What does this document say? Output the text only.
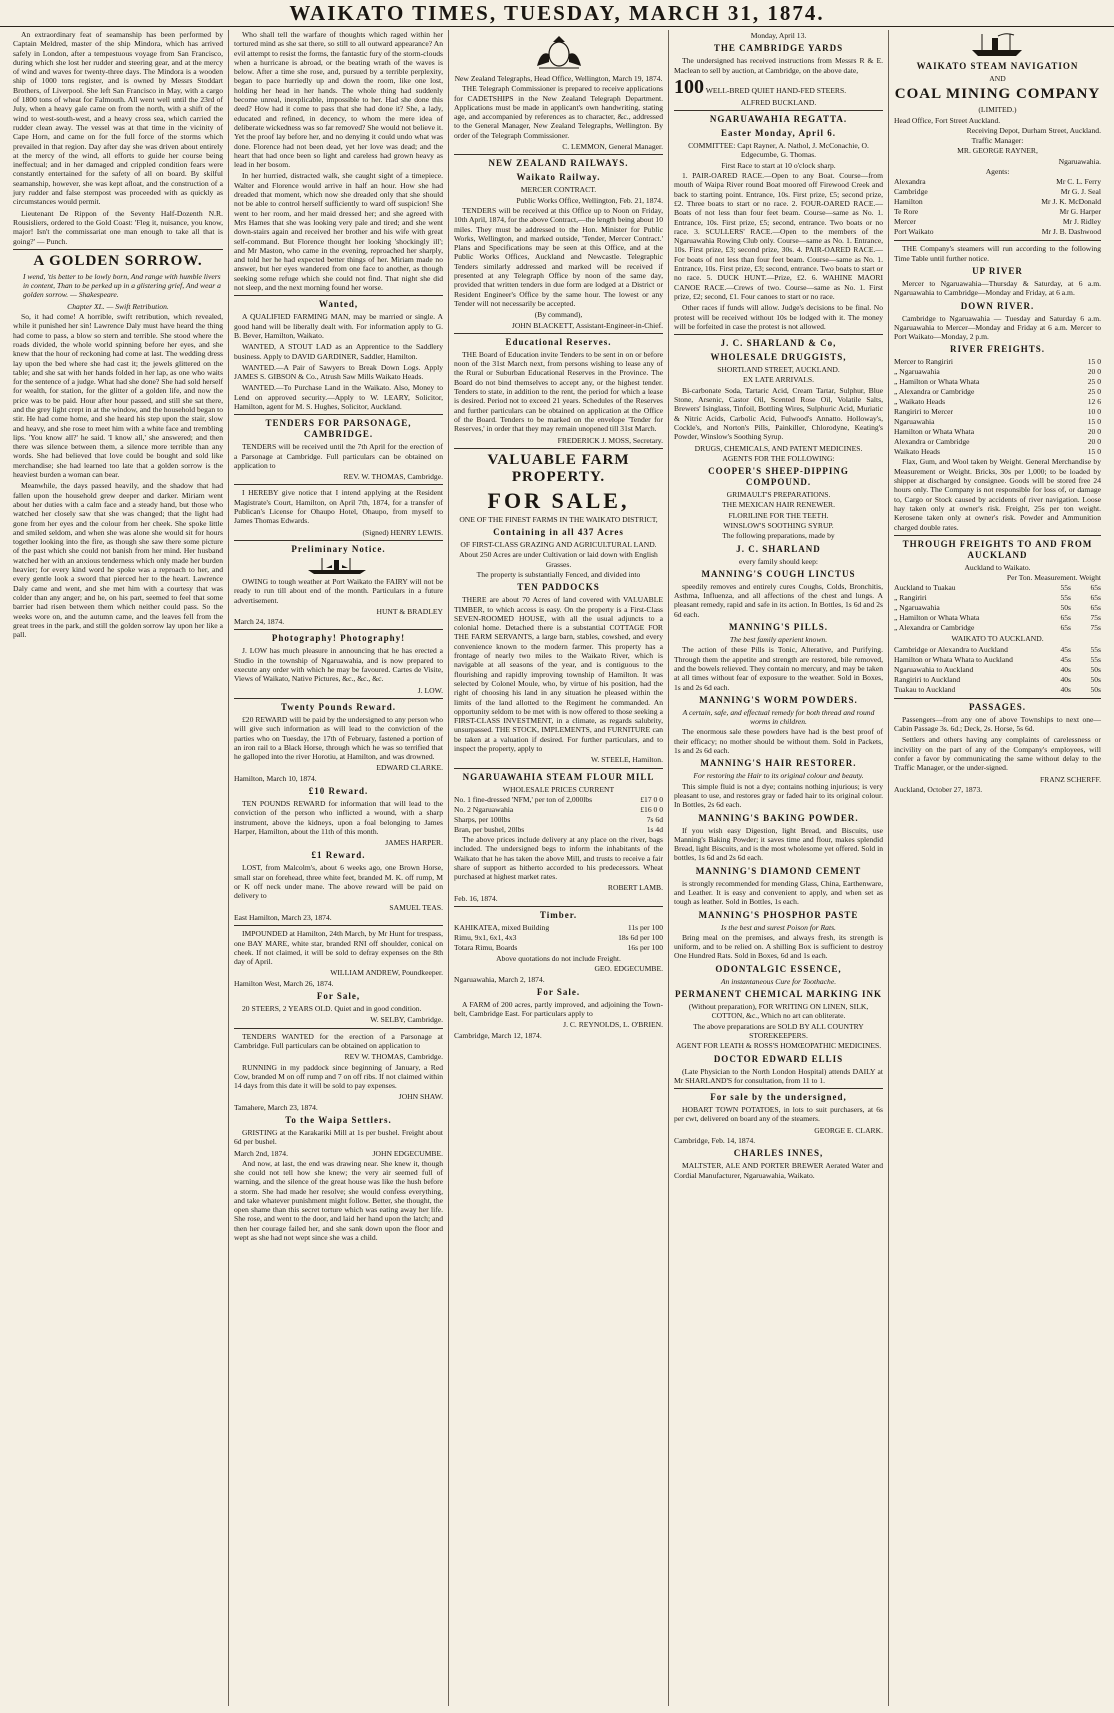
WAIKATO TIMES, TUESDAY, MARCH 31, 1874.

An extraordinary feat of seamanship has been performed by Captain Meldred, master of the ship Mindora, which has arrived safely in London, after a tempestuous voyage from San Francisco, during which she lost her rudder and steering gear, and at the mercy of wind and waves for twenty-three days. The Mindora is a wooden ship of 1000 tons register, and is owned by Messrs Stoddart Brothers, of Liverpool. She left San Francisco in May, with a cargo of 1800 tons of wheat for Falmouth. All went well until the 23rd of July, when a heavy gale came on from the north, with a shift of the wind to west-south-west, and a heavy cross sea, which carried the rudder clean away. The vessel was at that time in the vicinity of Cape Horn, and came on for the full force of the storms which prevailed in that region. Day after day she was driven about entirely at the mercy of the wind, all efforts to guide her course being ineffectual; and in her damaged and crippled condition fears were constantly entertained for the safety of all on board. By skilful seamanship, however, she was kept afloat, and the construction of a jury rudder and false sternpost was proceeded with as quickly as circumstances would permit.

Lieutenant De Rippon of the Seventy Half-Dozenth N.R. Rousisliers, ordered to the Gold Coast: 'Fleg it, nuisance, you know, major! Isn't the commissariat one man enough to take all that is going?' — Punch.

A GOLDEN SORROW.
I wend, 'tis better to be lowly born, And range with humble livers in content, Than to be perked up in a glistering grief, And wear a golden sorrow. — Shakespeare.
Chapter XL. — Swift Retribution.

So, it had come! A horrible, swift retribution, which revealed, while it punished her sin! Lawrence Daly must have heard the thing had come to pass, a blow so stern and terrible. She stood where the roads divided, the whole world spinning before her eyes, and she knew that the hour of reckoning had come at last. The wedding dress lay upon the bed where she had cast it; the jewels glittered on the table; and she sat with her hands folded in her lap, as one who waits for the sentence of a judge. What had she done? She had sold herself for wealth, for station, for the glitter of a golden life, and now the price was to be paid. Hour after hour passed, and still she sat there, and the grey light crept in at the window, and the household began to stir. He had come home, and she heard his step upon the stair, slow and heavy, and she rose to meet him with a white face and trembling lips. 'You know all?' he said. 'I know all,' she answered; and then there was silence between them, a silence more terrible than any words. She had believed that love could be bought and sold like merchandise; she had learned too late that a golden sorrow is the heaviest burden a woman can bear.

Meanwhile, the days passed heavily, and the shadow that had fallen upon the household grew deeper and darker. Miriam went about her duties with a calm face and a steady hand, but those who watched her closely saw that she was changed; that the light had gone from her eyes and the colour from her cheek. She spoke little and smiled seldom, and when she was alone she would sit for hours together looking into the fire, as though she saw there some picture of the past which she could not banish from her mind. Her husband watched her with an anxious tenderness which only made her burden heavier; for every kind word he spoke was a reproach to her, and every gentle look a sword that pierced her to the heart. Lawrence Daly came and went, and she met him with a courtesy that was colder than any anger; and he, on his part, seemed to feel that some barrier had risen between them which neither could pass. So the weeks wore on, and the autumn came, and the leaves fell from the great trees in the park, and still the golden sorrow lay upon her like a pall.

Who shall tell the warfare of thoughts which raged within her tortured mind as she sat there, so still to all outward appearance? An evil attempt to resist the forms, the fantastic fury of the storm-clouds when a hurricane is abroad, or the beating wrath of the waves is below. After a time she rose, and, pursued by a terrible perplexity, began to pace hurriedly up and down the room, like one lost, holding her head in her hands. The whole thing had suddenly become unreal, inexplicable, impossible to her. Had she done this deed? How had it come to pass that she had done it? She, a lady, educated and refined, in decency, to whom the mere idea of deliberate wickedness was so far removed? She would not believe it. Yet the proof lay before her, and no denying it could undo what was done. Florence had not been dead, yet her love was dead; and the heart that had once been so light and careless had grown heavy as lead in her bosom.

In her hurried, distracted walk, she caught sight of a timepiece. Walter and Florence would arrive in half an hour. How she had dreaded that moment, which now she dreaded only that she should not be able to control herself sufficiently to ward off suspicion! She went to her room, and her maid dressed her; and she agreed with Mrs Hames that she was looking very pale and tired; and she went down-stairs again and received her brother and his wife with great self-command. But Florence thought her looking 'shockingly ill'; and Mr Maston, who came in the evening, reproached her sharply, and told her he had expected better things of her. Miriam made no answer, but her eyes wandered from one face to another, as though seeking some refuge which she could not find. That night she did not sleep, and the next morning found her worse.

Wanted,

A QUALIFIED FARMING MAN, may be married or single. A good hand will be liberally dealt with. For information apply to G. B. Bever, Hamilton, Waikato.

WANTED, A STOUT LAD as an Apprentice to the Saddlery business. Apply to DAVID GARDINER, Saddler, Hamilton.

WANTED.—A Pair of Sawyers to Break Down Logs. Apply JAMES S. GIBSON & Co., Atrush Saw Mills Waikato Heads.

WANTED.—To Purchase Land in the Waikato. Also, Money to Lend on approved security.—Apply to W. LEARY, Solicitor, Hamilton, agent for M. S. Hughes, Solicitor, Auckland.

TENDERS FOR PARSONAGE, CAMBRIDGE.

TENDERS will be received until the 7th April for the erection of a Parsonage at Cambridge. Full particulars can be obtained on application to

REV. W. THOMAS, Cambridge.

I HEREBY give notice that I intend applying at the Resident Magistrate's Court, Hamilton, on April 7th, 1874, for a transfer of Publican's License for Ohaupo Hotel, Ohaupo, from myself to James Thomas Edwards.

(Signed) HENRY LEWIS.
Preliminary Notice.

OWING to tough weather at Port Waikato the FAIRY will not be ready to run till about end of the month. Particulars in a future advertisement.

HUNT & BRADLEY
March 24, 1874.
Photography! Photography!

J. LOW has much pleasure in announcing that he has erected a Studio in the township of Ngaruawahia, and is now prepared to execute any order with which he may be favoured. Cartes de Visite, Views of Waikato, Native Pictures, &c., &c., &c.

J. LOW.
Twenty Pounds Reward.

£20 REWARD will be paid by the undersigned to any person who will give such information as will lead to the conviction of the parties who on Tuesday, the 17th of February, fastened a portion of an iron rail to a Black Horse, through which he was so terrified that he galloped into the river Horotiu, at Hamilton, and was drowned.

EDWARD CLARKE.
Hamilton, March 10, 1874.
£10 Reward.

TEN POUNDS REWARD for information that will lead to the conviction of the person who inflicted a wound, with a sharp instrument, above the kidneys, upon a foal belonging to James Harper, Hamilton, about the 11th of this month.

JAMES HARPER.
£1 Reward.

LOST, from Malcolm's, about 6 weeks ago, one Brown Horse, small star on forehead, three white feet, branded M. K. off rump, M or K off neck under mane. The above reward will be paid on delivery to

SAMUEL TEAS.
East Hamilton, March 23, 1874.

IMPOUNDED at Hamilton, 24th March, by Mr Hunt for trespass, one BAY MARE, white star, branded RNI off shoulder, conical on cheek. If not claimed, it will be sold to defray expenses on the 8th day of April.

WILLIAM ANDREW, Poundkeeper.
Hamilton West, March 26, 1874.
For Sale,

20 STEERS, 2 YEARS OLD. Quiet and in good condition.

W. SELBY, Cambridge.

TENDERS WANTED for the erection of a Parsonage at Cambridge. Full particulars can be obtained on application to

REV W. THOMAS, Cambridge.

RUNNING in my paddock since beginning of January, a Red Cow, branded M on off rump and 7 on off ribs. If not claimed within 14 days from this date it will be sold to pay expenses.

JOHN SHAW.
Tamahere, March 23, 1874.
To the Waipa Settlers.

GRISTING at the Karakariki Mill at 1s per bushel. Freight about 6d per bushel.

March 2nd, 1874.	JOHN EDGECUMBE.

And now, at last, the end was drawing near. She knew it, though she could not tell how she knew; the very air seemed full of warning, and the silence of the great house was like the hush before a storm. She had made her resolve; she would confess everything, and take whatever punishment might follow. Better, she thought, the open shame than this secret torture which was eating away her life. She rose, and went to the door, and laid her hand upon the latch; and then her courage failed her, and she sank down upon the floor and wept as she had not wept since she was a child.

New Zealand Telegraphs, Head Office, Wellington, March 19, 1874.

THE Telegraph Commissioner is prepared to receive applications for CADETSHIPS in the New Zealand Telegraph Department. Applications must be made in applicant's own handwriting, stating age, and accompanied by references as to character, &c., addressed to the General Manager, New Zealand Telegraphs, Wellington. By order of the Telegraph Commissioner.

C. LEMMON, General Manager.
NEW ZEALAND RAILWAYS.
Waikato Railway.
MERCER CONTRACT.
Public Works Office, Wellington, Feb. 21, 1874.

TENDERS will be received at this Office up to Noon on Friday, 10th April, 1874, for the above Contract,—the length being about 10 miles. They must be addressed to the Hon. Minister for Public Works, Wellington, and marked outside, 'Tender, Mercer Contract.' Plans and Specifications may be seen at this Office, and at the Public Works Offices, Auckland and Newcastle. Telegraphic Tenders similarly addressed and marked will be received if presented at any Telegraph Office by noon of the same day, provided that written tenders in due form are lodged at a District or Resident Engineer's Office by the same hour. The lowest or any Tender will not necessarily be accepted.

(By command),
JOHN BLACKETT, Assistant-Engineer-in-Chief.
Educational Reserves.

THE Board of Education invite Tenders to be sent in on or before noon of the 31st March next, from persons wishing to lease any of the Rural or Suburban Educational Reserves in the Province. The Board do not bind themselves to accept any, or the highest tender. Tenders to state, in addition to the rent, the period for which a lease is desired. Period not to exceed 21 years. Schedules of the Reserves and further particulars can be obtained on application at the Office of the Board. Tenders to be marked on the envelope 'Tender for Reserves,' in order that they may remain unopened till 31st March.

FREDERICK J. MOSS, Secretary.
VALUABLE FARM PROPERTY.
FOR SALE,
ONE OF THE FINEST FARMS IN THE WAIKATO DISTRICT,
Containing in all 437 Acres
OF FIRST-CLASS GRAZING AND AGRICULTURAL LAND.
About 250 Acres are under Cultivation or laid down with English Grasses.
The property is substantially Fenced, and divided into
TEN PADDOCKS

THERE are about 70 Acres of land covered with VALUABLE TIMBER, to which access is easy. On the property is a First-Class SEVEN-ROOMED HOUSE, with all the usual adjuncts to a colonial home. Detached there is a substantial COTTAGE FOR THE FARM SERVANTS, a large barn, stables, cowshed, and every convenience known to the modern farmer. This property has a frontage of nearly two miles to the Waikato River, which is navigable at all seasons of the year, and is contiguous to the flourishing and rapidly improving township of Hamilton. It was selected by Colonel Moule, who, by virtue of his position, had the right of choosing his land in any situation he pleased within the limits of the land allotted to the Regiment he commanded. An opportunity seldom to be met with is now offered to those seeking a FIRST-CLASS INVESTMENT, in a climate, as regards salubrity, unsurpassed. THE STOCK, IMPLEMENTS, and FURNITURE can be taken at a valuation if desired. For further particulars, and to inspect the property, apply to

W. STEELE, Hamilton.
NGARUAWAHIA STEAM FLOUR MILL
WHOLESALE PRICES CURRENT
No. 1 fine-dressed 'NFM,' per ton of 2,000lbs	£17 0 0
No. 2 Ngaruawahia	£16 0 0
Sharps, per 100lbs	7s 6d
Bran, per bushel, 20lbs	1s 4d

The above prices include delivery at any place on the river, bags included. The undersigned begs to inform the inhabitants of the Waikato that he has taken the above Mill, and trusts to receive a fair share of support as hitherto accorded to his predecessors. Wheat purchased at highest market rates.

ROBERT LAMB.
Feb. 16, 1874.
Timber.
KAHIKATEA, mixed Building	11s per 100
Rimu, 9x1, 6x1, 4x3	18s 6d per 100
Totara Rimu, Boards	16s per 100
Above quotations do not include Freight.
GEO. EDGECUMBE.
Ngaruawahia, March 2, 1874.
For Sale.

A FARM of 200 acres, partly improved, and adjoining the Town-belt, Cambridge East. For particulars apply to

J. C. REYNOLDS, L. O'BRIEN.
Cambridge, March 12, 1874.
Monday, April 13.
THE CAMBRIDGE YARDS

The undersigned has received instructions from Messrs R & E. Maclean to sell by auction, at Cambridge, on the above date,

100 WELL-BRED QUIET HAND-FED STEERS.
ALFRED BUCKLAND.
NGARUAWAHIA REGATTA.
Easter Monday, April 6.
COMMITTEE: Capt Rayner, A. Nathol, J. McConachie, O. Edgecumbe, G. Thomas.
First Race to start at 10 o'clock sharp.

1. PAIR-OARED RACE.—Open to any Boat. Course—from mouth of Waipa River round Boat moored off Firewood Creek and back to starting point. Entrance, 10s. First prize, £5; second prize, £2. Three boats to start or no race. 2. FOUR-OARED RACE.—Boats of not less than four feet beam. Course—same as No. 1. Entrance, 10s. First prize, £5; second, entrance. Two boats or no race. 3. SCULLERS' RACE.—Open to the members of the Ngaruawahia Rowing Club only. Course—same as No. 1. Entrance, 10s. First prize, £3; second prize, 30s. 4. PAIR-OARED RACE.—For boats of not less than four feet beam. Course—same as No. 1. Entrance, 10s. First prize, £3; second, entrance. Two boats to start or no race. 5. DUCK HUNT.—Prize, £2. 6. WAHINE MAORI CANOE RACE.—Crews of two. Course—same as No. 1. First prize, £2; second, £1. Four canoes to start or no race.

Other races if funds will allow. Judge's decisions to be final. No protest will be received without 10s be lodged with it. The money will be forfeited in case the protest is not allowed.

J. C. SHARLAND & Co,
WHOLESALE DRUGGISTS,
SHORTLAND STREET, AUCKLAND.
EX LATE ARRIVALS.

Bi-carbonate Soda, Tartaric Acid, Cream Tartar, Sulphur, Blue Stone, Arsenic, Castor Oil, Scented Rose Oil, Volatile Salts, Brewers' Isinglass, Tinfoil, Bottling Wires, Sulphuric Acid, Muriatic & Nitric Acids, Carbolic Acid, Fulwood's Annatto. Holloway's, Cockle's, and Norton's Pills, Painkiller, Chlorodyne, Keating's Powder, Winslow's Soothing Syrup.

DRUGS, CHEMICALS, AND PATENT MEDICINES.
AGENTS FOR THE FOLLOWING:
COOPER'S SHEEP-DIPPING COMPOUND.
GRIMAULT'S PREPARATIONS.
THE MEXICAN HAIR RENEWER.
FLORILINE FOR THE TEETH.
WINSLOW'S SOOTHING SYRUP.
The following preparations, made by
J. C. SHARLAND
every family should keep:
MANNING'S COUGH LINCTUS

speedily removes and entirely cures Coughs, Colds, Bronchitis, Asthma, Influenza, and all affections of the chest and lungs. A pleasant remedy, rapid and safe in its action. In Bottles, 1s 6d and 2s 6d each.

MANNING'S PILLS.
The best family aperient known.

The action of these Pills is Tonic, Alterative, and Purifying. Through them the appetite and strength are restored, bile removed, and the bowels relieved. They contain no mercury, and may be taken at all times without fear of exposure to the weather. Sold in Boxes, 1s and 2s 6d each.

MANNING'S WORM POWDERS.
A certain, safe, and effectual remedy for both thread and round worms in children.

The enormous sale these powders have had is the best proof of their efficacy; no mother should be without them. Sold in Packets, 1s and 2s 6d each.

MANNING'S HAIR RESTORER.
For restoring the Hair to its original colour and beauty.

This simple fluid is not a dye; contains nothing injurious; is very pleasant to use, and restores gray or faded hair to its original colour. In Bottles, 2s 6d each.

MANNING'S BAKING POWDER.

If you wish easy Digestion, light Bread, and Biscuits, use Manning's Baking Powder; it saves time and flour, makes splendid Bread, light Biscuits, and is the most wholesome yet offered. Sold in bottles, 1s 6d and 2s 6d each.

MANNING'S DIAMOND CEMENT

is strongly recommended for mending Glass, China, Earthenware, and Leather. It is easy and convenient to apply, and when set as tough as leather. Sold in Bottles, 1s each.

MANNING'S PHOSPHOR PASTE
Is the best and surest Poison for Rats.

Bring meal on the premises, and always fresh, its strength is uniform, and to be relied on. A shilling Box is sufficient to destroy One Hundred Rats. Sold in Boxes, 6d and 1s each.

ODONTALGIC ESSENCE,
An instantaneous Cure for Toothache.
PERMANENT CHEMICAL MARKING INK
(Without preparation), FOR WRITING ON LINEN, SILK, COTTON, &c., Which no art can obliterate.
The above preparations are SOLD BY ALL COUNTRY STOREKEEPERS.
AGENT FOR LEATH & ROSS'S HOMŒOPATHIC MEDICINES.
DOCTOR EDWARD ELLIS

(Late Physician to the North London Hospital) attends DAILY at Mr SHARLAND'S for consultation, from 11 to 1.

For sale by the undersigned,

HOBART TOWN POTATOES, in lots to suit purchasers, at 6s per cwt, delivered on board any of the steamers.

GEORGE E. CLARK.
Cambridge, Feb. 14, 1874.
CHARLES INNES,

MALTSTER, ALE AND PORTER BREWER Aerated Water and Cordial Manufacturer, Ngaruawahia, Waikato.

WAIKATO STEAM NAVIGATION
AND
COAL MINING COMPANY
(LIMITED.)
Head Office, Fort Street Auckland.
Receiving Depot, Durham Street, Auckland.
Traffic Manager:
MR. GEORGE RAYNER,
Ngaruawahia.
Agents:
Alexandra	Mr C. L. Ferry
Cambridge	Mr G. J. Seal
Hamilton	Mr J. K. McDonald
Te Rore	Mr G. Harper
Mercer	Mr J. Ridley
Port Waikato	Mr J. B. Dashwood

THE Company's steamers will run according to the following Time Table until further notice.

UP RIVER

Mercer to Ngaruawahia—Thursday & Saturday, at 6 a.m. Ngaruawahia to Cambridge—Monday and Friday, at 6 a.m.

DOWN RIVER.

Cambridge to Ngaruawahia — Tuesday and Saturday 6 a.m. Ngaruawahia to Mercer—Monday and Friday at 6 a.m. Mercer to Port Waikato—Monday, 2 p.m.

RIVER FREIGHTS.
Mercer to Rangiriri	15 0
„ Ngaruawahia	20 0
„ Hamilton or Whata Whata	25 0
„ Alexandra or Cambridge	25 0
„ Waikato Heads	12 6
Rangiriri to Mercer	10 0
Ngaruawahia	15 0
Hamilton or Whata Whata	20 0
Alexandra or Cambridge	20 0
Waikato Heads	15 0

Flax, Gum, and Wool taken by Weight. General Merchandise by Measurement or Weight. Bricks, 30s per 1,000; to be loaded by shipper at discharged by consignee. Goods will be stored free 24 hours only. The Company is not responsible for loss of, or damage to, Cargo or Stock caused by accidents of river navigation. Loose hay taken only at owner's risk. Freight, 25s per ton weight. Kerosene taken only at owner's risk. Powder and Ammunition charged double rates.

THROUGH FREIGHTS TO AND FROM AUCKLAND
Auckland to Waikato.
Per Ton. Measurement. Weight
Auckland to Tuakau	55s	65s
„ Rangiriri	55s	65s
„ Ngaruawahia	50s	65s
„ Hamilton or Whata Whata	65s	75s
„ Alexandra or Cambridge	65s	75s
WAIKATO TO AUCKLAND.
Cambridge or Alexandra to Auckland	45s	55s
Hamilton or Whata Whata to Auckland	45s	55s
Ngaruawahia to Auckland	40s	50s
Rangiriri to Auckland	40s	50s
Tuakau to Auckland	40s	50s
PASSAGES.

Passengers—from any one of above Townships to next one—Cabin Passage 3s. 6d.; Deck, 2s. Horse, 5s 6d.

Settlers and others having any complaints of carelessness or incivility on the part of any of the Company's employees, will confer a favor by communicating the same without delay to the Traffic Manager, or the under-signed.

FRANZ SCHERFF.
Auckland, October 27, 1873.
